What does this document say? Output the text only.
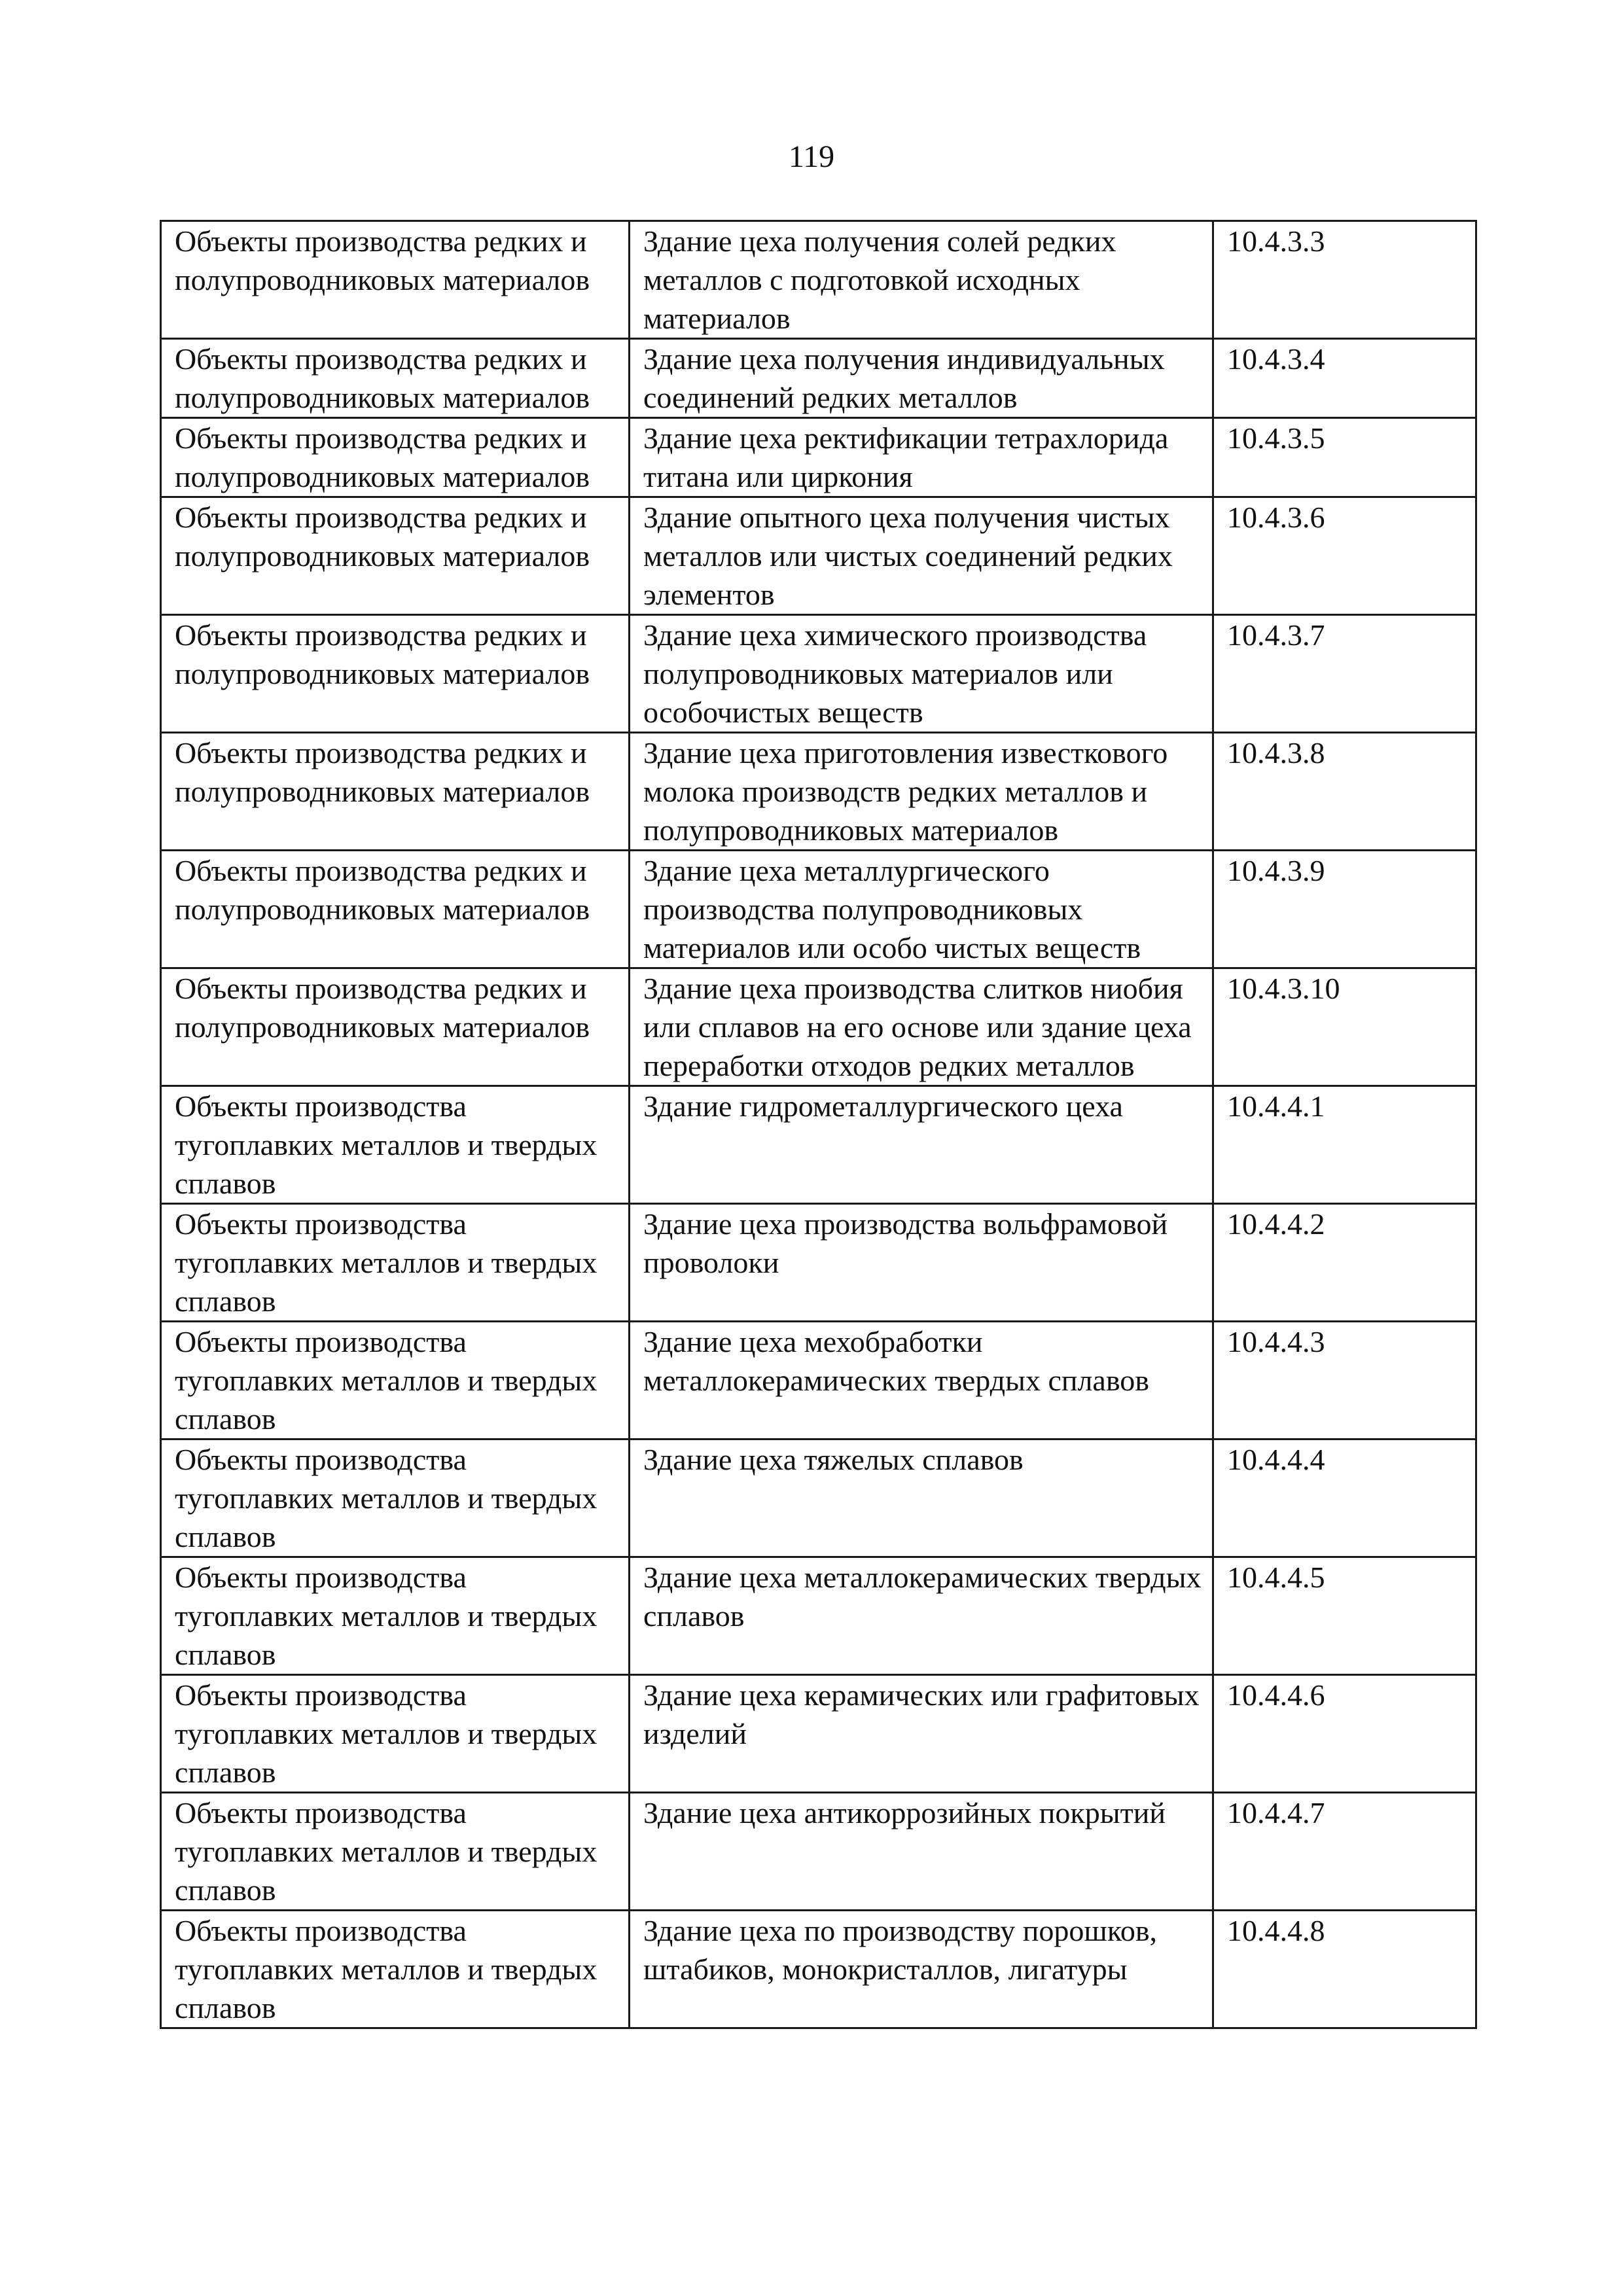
119
Объекты производства редких и полупроводниковых материалов	Здание цеха получения солей редких металлов с подготовкой исходных материалов	10.4.3.3
Объекты производства редких и полупроводниковых материалов	Здание цеха получения индивидуальных соединений редких металлов	10.4.3.4
Объекты производства редких и полупроводниковых материалов	Здание цеха ректификации тетрахлорида титана или циркония	10.4.3.5
Объекты производства редких и полупроводниковых материалов	Здание опытного цеха получения чистых металлов или чистых соединений редких элементов	10.4.3.6
Объекты производства редких и полупроводниковых материалов	Здание цеха химического производства полупроводниковых материалов или особочистых веществ	10.4.3.7
Объекты производства редких и полупроводниковых материалов	Здание цеха приготовления известкового молока производств редких металлов и полупроводниковых материалов	10.4.3.8
Объекты производства редких и полупроводниковых материалов	Здание цеха металлургического производства полупроводниковых материалов или особо чистых веществ	10.4.3.9
Объекты производства редких и полупроводниковых материалов	Здание цеха производства слитков ниобия или сплавов на его основе или здание цеха переработки отходов редких металлов	10.4.3.10
Объекты производства тугоплавких металлов и твердых сплавов	Здание гидрометаллургического цеха	10.4.4.1
Объекты производства тугоплавких металлов и твердых сплавов	Здание цеха производства вольфрамовой проволоки	10.4.4.2
Объекты производства тугоплавких металлов и твердых сплавов	Здание цеха мехобработки металлокерамических твердых сплавов	10.4.4.3
Объекты производства тугоплавких металлов и твердых сплавов	Здание цеха тяжелых сплавов	10.4.4.4
Объекты производства тугоплавких металлов и твердых сплавов	Здание цеха металлокерамических твердых сплавов	10.4.4.5
Объекты производства тугоплавких металлов и твердых сплавов	Здание цеха керамических или графитовых изделий	10.4.4.6
Объекты производства тугоплавких металлов и твердых сплавов	Здание цеха антикоррозийных покрытий	10.4.4.7
Объекты производства тугоплавких металлов и твердых сплавов	Здание цеха по производству порошков, штабиков, монокристаллов, лигатуры	10.4.4.8
